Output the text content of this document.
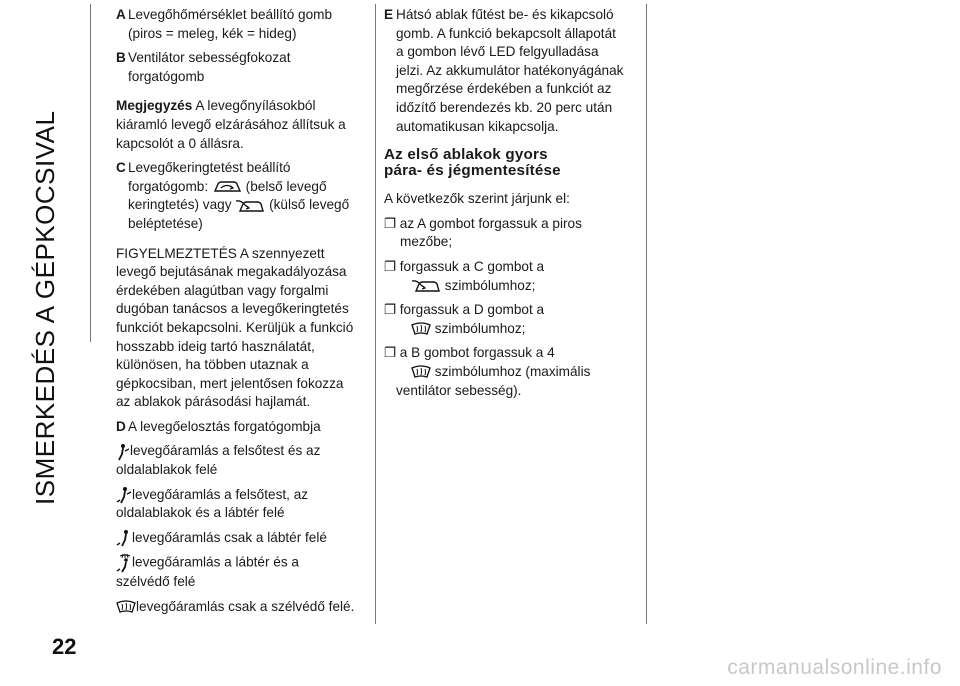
ISMERKEDÉS A GÉPKOCSIVAL
22
A Levegőhőmérséklet beállító gomb

(piros = meleg, kék = hideg)

B Ventilátor sebességfokozat

forgatógomb

Megjegyzés A levegőnyílásokból

kiáramló levegő elzárásához állítsuk a

kapcsolót a 0 állásra.

C Levegőkeringtetést beállító

forgatógomb:  (belső levegő

keringtetés) vagy  (külső levegő

beléptetése)

FIGYELMEZTETÉS A szennyezett

levegő bejutásának megakadályozása

érdekében alagútban vagy forgalmi

dugóban tanácsos a levegőkeringtetés

funkciót bekapcsolni. Kerüljük a funkció

hosszabb ideig tartó használatát,

különösen, ha többen utaznak a

gépkocsiban, mert jelentősen fokozza

az ablakok párásodási hajlamát.

D A levegőelosztás forgatógombja

levegőáramlás a felsőtest és az

oldalablakok felé

levegőáramlás a felsőtest, az

oldalablakok és a lábtér felé

levegőáramlás csak a lábtér felé

levegőáramlás a lábtér és a

szélvédő felé

levegőáramlás csak a szélvédő felé.

E Hátsó ablak fűtést be- és kikapcsoló

gomb. A funkció bekapcsolt állapotát

a gombon lévő LED felgyulladása

jelzi. Az akkumulátor hatékonyágának

megőrzése érdekében a funkciót az

időzítő berendezés kb. 20 perc után

automatikusan kikapcsolja.

Az első ablakok gyors

pára- és jégmentesítése

A következők szerint járjunk el:

❐ az A gombot forgassuk a piros

mezőbe;

❐ forgassuk a C gombot a

szimbólumhoz;

❐ forgassuk a D gombot a

szimbólumhoz;

❐ a B gombot forgassuk a 4

szimbólumhoz (maximális

ventilátor sebesség).

carmanualsonline.info
